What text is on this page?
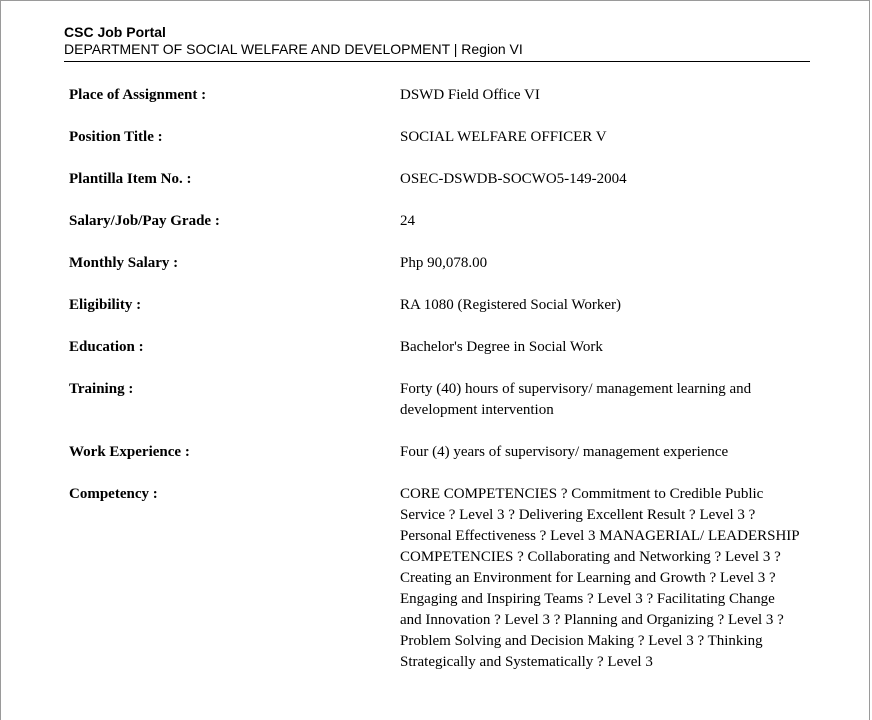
CSC Job Portal
DEPARTMENT OF SOCIAL WELFARE AND DEVELOPMENT | Region VI
Place of Assignment :	DSWD Field Office VI
Position Title :	SOCIAL WELFARE OFFICER V
Plantilla Item No. :	OSEC-DSWDB-SOCWO5-149-2004
Salary/Job/Pay Grade :	24
Monthly Salary :	Php 90,078.00
Eligibility :	RA 1080 (Registered Social Worker)
Education :	Bachelor's Degree in Social Work
Training :	Forty (40) hours of supervisory/ management learning and development intervention
Work Experience :	Four (4) years of supervisory/ management experience
Competency :	CORE COMPETENCIES ? Commitment to Credible Public Service ? Level 3 ? Delivering Excellent Result ? Level 3 ? Personal Effectiveness ? Level 3 MANAGERIAL/ LEADERSHIP COMPETENCIES ? Collaborating and Networking ? Level 3 ? Creating an Environment for Learning and Growth ? Level 3 ? Engaging and Inspiring Teams ? Level 3 ? Facilitating Change and Innovation ? Level 3 ? Planning and Organizing ? Level 3 ? Problem Solving and Decision Making ? Level 3 ? Thinking Strategically and Systematically ? Level 3
